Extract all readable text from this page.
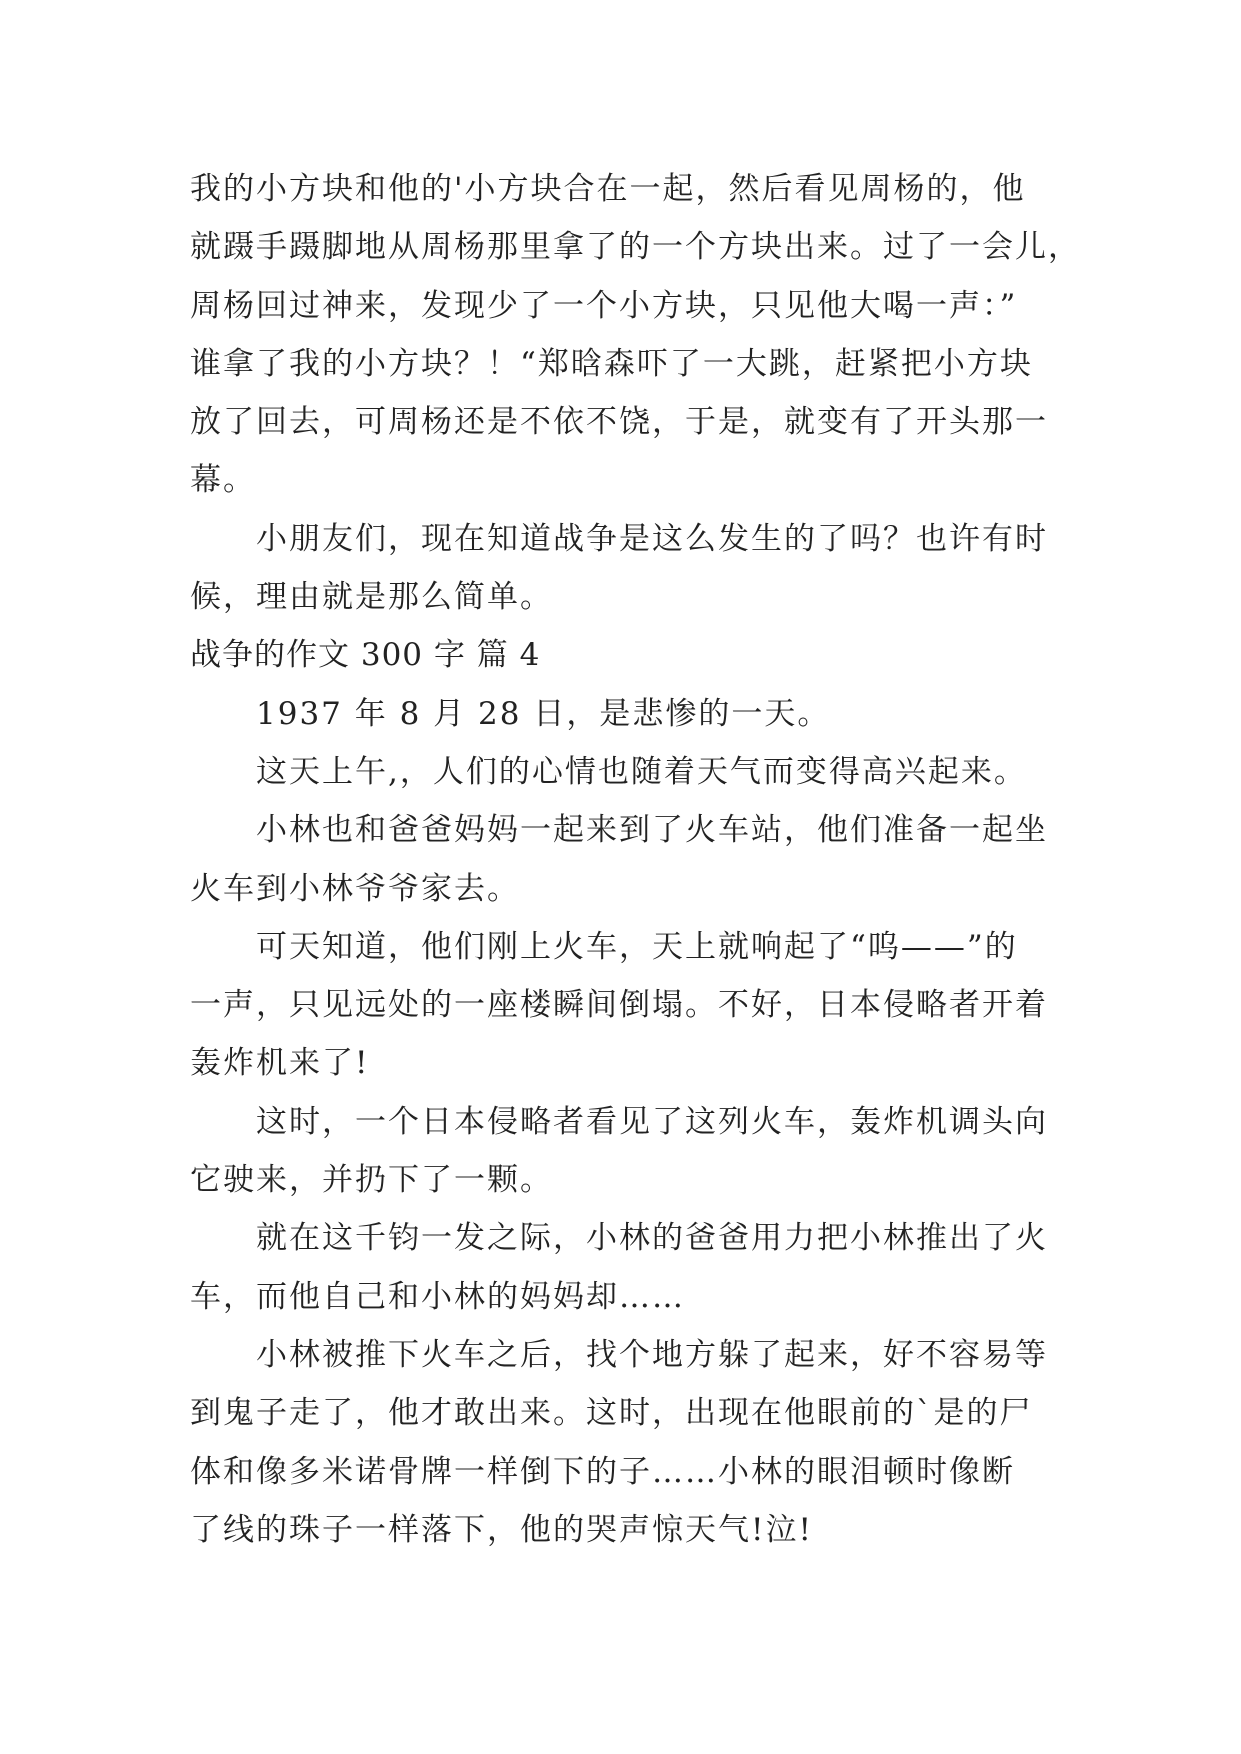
我的小方块和他的'小方块合在一起，然后看见周杨的，他
就蹑手蹑脚地从周杨那里拿了的一个方块出来。过了一会儿，
周杨回过神来，发现少了一个小方块，只见他大喝一声：”
谁拿了我的小方块？！“郑晗森吓了一大跳，赶紧把小方块
放了回去，可周杨还是不依不饶，于是，就变有了开头那一
幕。
小朋友们，现在知道战争是这么发生的了吗？也许有时
候，理由就是那么简单。
战争的作文 300 字 篇 4
1937 年 8 月 28 日，是悲惨的一天。
这天上午,，人们的心情也随着天气而变得高兴起来。
小林也和爸爸妈妈一起来到了火车站，他们准备一起坐
火车到小林爷爷家去。
可天知道，他们刚上火车，天上就响起了“呜——”的
一声，只见远处的一座楼瞬间倒塌。不好，日本侵略者开着
轰炸机来了!
这时，一个日本侵略者看见了这列火车，轰炸机调头向
它驶来，并扔下了一颗。
就在这千钧一发之际，小林的爸爸用力把小林推出了火
车，而他自己和小林的妈妈却……
小林被推下火车之后，找个地方躲了起来，好不容易等
到鬼子走了，他才敢出来。这时，出现在他眼前的`是的尸
体和像多米诺骨牌一样倒下的子……小林的眼泪顿时像断
了线的珠子一样落下，他的哭声惊天气!泣!
